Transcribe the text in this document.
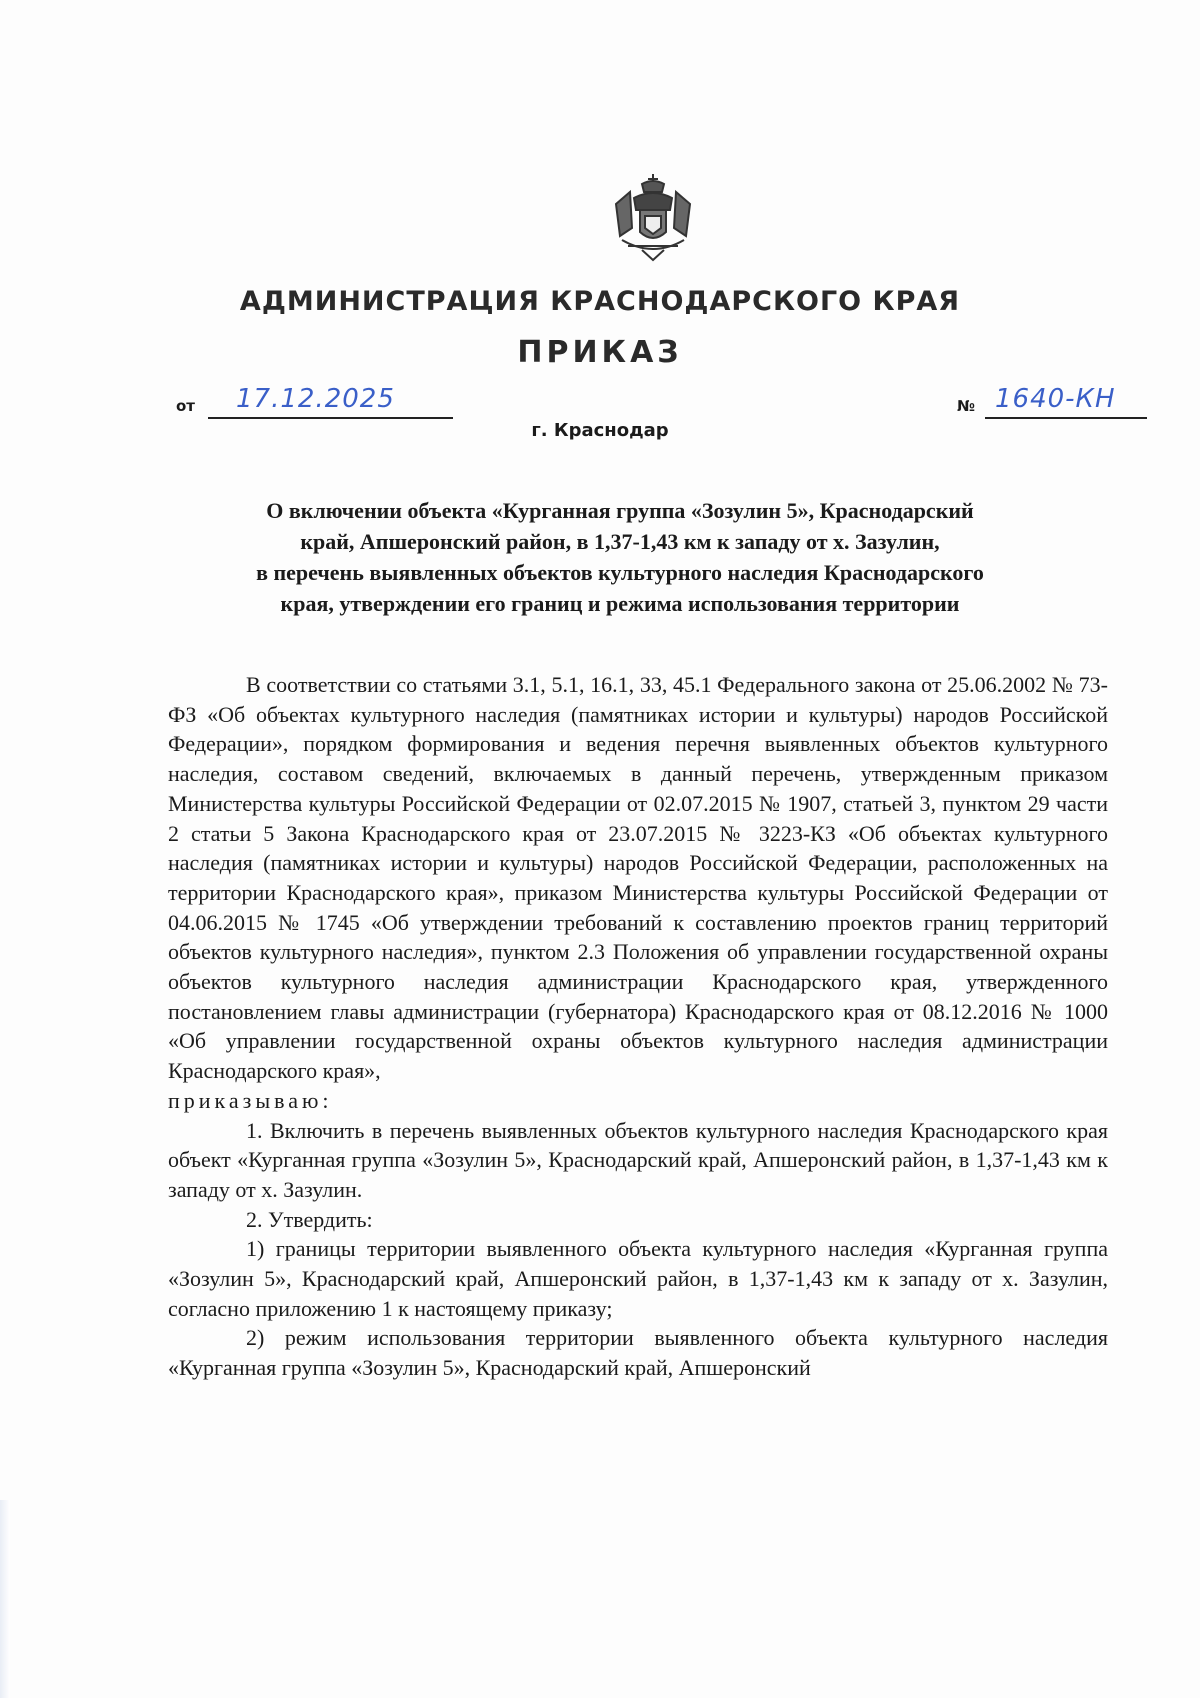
АДМИНИСТРАЦИЯ КРАСНОДАРСКОГО КРАЯ
ПРИКАЗ
от 17.12.2025	№ 1640-КН
г. Краснодар
О включении объекта «Курганная группа «Зозулин 5», Краснодарский
край, Апшеронский район, в 1,37-1,43 км к западу от х. Зазулин,
в перечень выявленных объектов культурного наследия Краснодарского
края, утверждении его границ и режима использования территории

В соответствии со статьями 3.1, 5.1, 16.1, 33, 45.1 Федерального закона от 25.06.2002 № 73-ФЗ «Об объектах культурного наследия (памятниках истории и культуры) народов Российской Федерации», порядком формирования и ведения перечня выявленных объектов культурного наследия, составом сведений, включаемых в данный перечень, утвержденным приказом Министерства культуры Российской Федерации от 02.07.2015 № 1907, статьей 3, пунктом 29 части 2 статьи 5 Закона Краснодарского края от 23.07.2015 № 3223-КЗ «Об объектах культурного наследия (памятниках истории и культуры) народов Российской Федерации, расположенных на территории Краснодарского края», приказом Министерства культуры Российской Федерации от 04.06.2015 № 1745 «Об утверждении требований к составлению проектов границ территорий объектов культурного наследия», пунктом 2.3 Положения об управлении государственной охраны объектов культурного наследия администрации Краснодарского края, утвержденного постановлением главы администрации (губернатора) Краснодарского края от 08.12.2016 № 1000 «Об управлении государственной охраны объектов культурного наследия администрации Краснодарского края»,

приказываю:

1. Включить в перечень выявленных объектов культурного наследия Краснодарского края объект «Курганная группа «Зозулин 5», Краснодарский край, Апшеронский район, в 1,37-1,43 км к западу от х. Зазулин.

2. Утвердить:

1) границы территории выявленного объекта культурного наследия «Курганная группа «Зозулин 5», Краснодарский край, Апшеронский район, в 1,37-1,43 км к западу от х. Зазулин, согласно приложению 1 к настоящему приказу;

2) режим использования территории выявленного объекта культурного наследия «Курганная группа «Зозулин 5», Краснодарский край, Апшеронский
